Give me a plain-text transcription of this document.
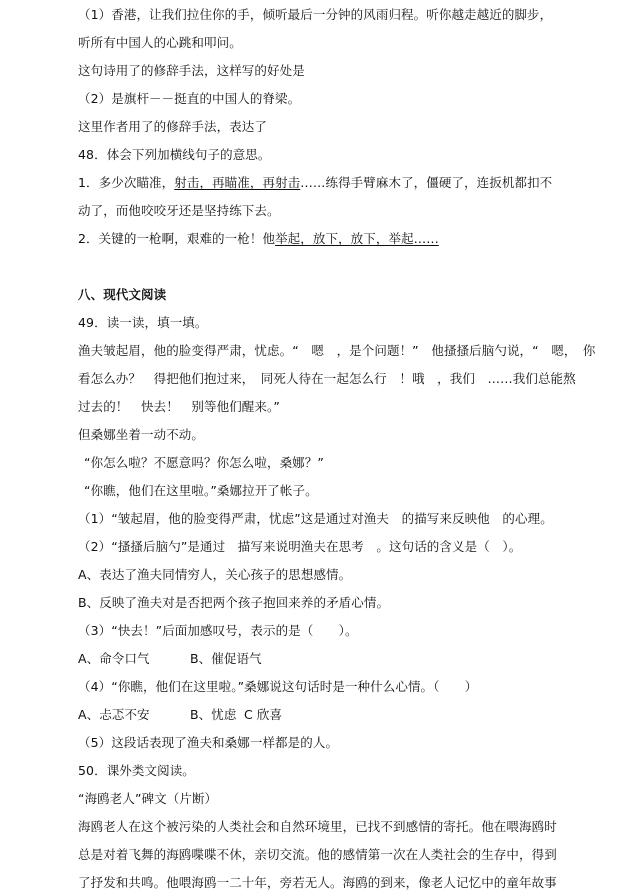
（1）香港，让我们拉住你的手，倾听最后一分钟的风雨归程。听你越走越近的脚步，
听所有中国人的心跳和叩问。
这句诗用了的修辞手法，这样写的好处是
（2）是旗杆－－挺直的中国人的脊梁。
这里作者用了的修辞手法，表达了
48．体会下列加横线句子的意思。
1．多少次瞄准，射击，再瞄准，再射击……练得手臂麻木了，僵硬了，连扳机都扣不
动了，而他咬咬牙还是坚持练下去。
2．关键的一枪啊，艰难的一枪！他举起，放下，放下，举起……
八、现代文阅读
49．读一读，填一填。
渔夫皱起眉，他的脸变得严肃，忧虑。“　嗯　，是个问题！”　他搔搔后脑勺说，“　嗯，　你
看怎么办？　得把他们抱过来，　同死人待在一起怎么行　！哦　，我们　……我们总能熬
过去的！　快去！　别等他们醒来。”
但桑娜坐着一动不动。
“你怎么啦？不愿意吗？你怎么啦，桑娜？”
“你瞧，他们在这里啦。”桑娜拉开了帐子。
（1）“皱起眉，他的脸变得严肃，忧虑”这是通过对渔夫　的描写来反映他　的心理。
（2）“搔搔后脑勺”是通过　描写来说明渔夫在思考　。这句话的含义是（　）。
A、表达了渔夫同情穷人，关心孩子的思想感情。
B、反映了渔夫对是否把两个孩子抱回来养的矛盾心情。
（3）“快去！”后面加感叹号，表示的是（　　）。
A、命令口气	B、催促语气
（4）“你瞧，他们在这里啦。”桑娜说这句话时是一种什么心情。（　　）
A、忐忑不安	B、忧虑 C 欣喜
（5）这段话表现了渔夫和桑娜一样都是的人。
50．课外类文阅读。
“海鸥老人”碑文（片断）
海鸥老人在这个被污染的人类社会和自然环境里，已找不到感情的寄托。他在喂海鸥时
总是对着飞舞的海鸥喋喋不休，亲切交流。他的感情第一次在人类社会的生存中，得到
了抒发和共鸣。他喂海鸥一二十年，旁若无人。海鸥的到来，像老人记忆中的童年故事
